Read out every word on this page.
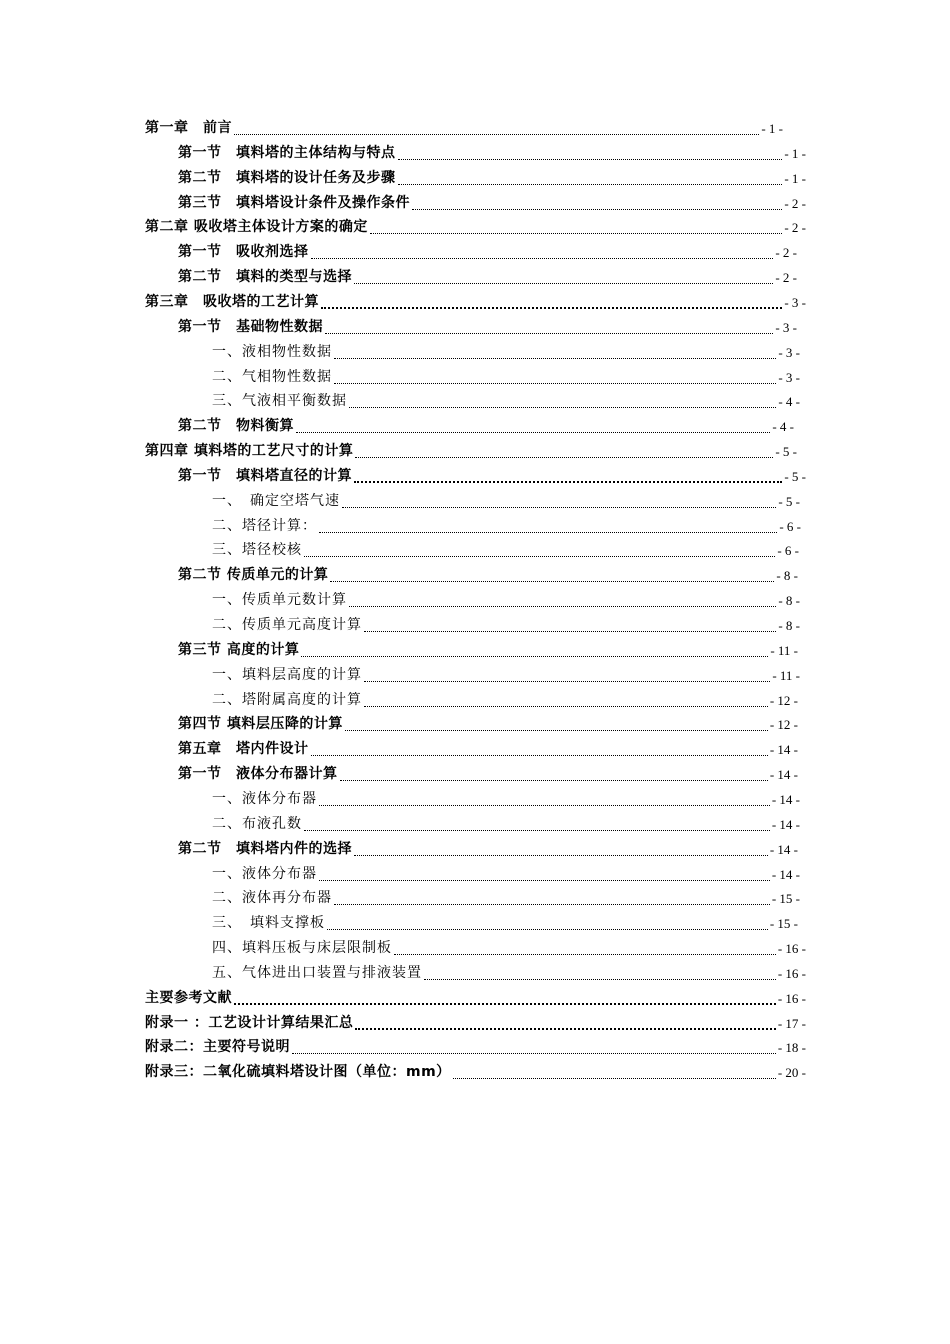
第一章　前言	- 1 -
第一节　填料塔的主体结构与特点	- 1 -
第二节　填料塔的设计任务及步骤	- 1 -
第三节　填料塔设计条件及操作条件	- 2 -
第二章 吸收塔主体设计方案的确定	- 2 -
第一节　吸收剂选择	- 2 -
第二节　填料的类型与选择	- 2 -
第三章　吸收塔的工艺计算	- 3 -
第一节　基础物性数据	- 3 -
一、液相物性数据	- 3 -
二、气相物性数据	- 3 -
三、气液相平衡数据	- 4 -
第二节　物料衡算	- 4 -
第四章 填料塔的工艺尺寸的计算	- 5 -
第一节　填料塔直径的计算	- 5 -
一、　确定空塔气速	- 5 -
二、塔径计算：	- 6 -
三、塔径校核	- 6 -
第二节 传质单元的计算	- 8 -
一、传质单元数计算	- 8 -
二、传质单元高度计算	- 8 -
第三节 高度的计算	- 11 -
一、填料层高度的计算	- 11 -
二、塔附属高度的计算	- 12 -
第四节 填料层压降的计算	- 12 -
第五章　塔内件设计	- 14 -
第一节　液体分布器计算	- 14 -
一、液体分布器	- 14 -
二、布液孔数	- 14 -
第二节　填料塔内件的选择	- 14 -
一、液体分布器	- 14 -
二、液体再分布器	- 15 -
三、　填料支撑板	- 15 -
四、填料压板与床层限制板	- 16 -
五、气体进出口装置与排液装置	- 16 -
主要参考文献	- 16 -
附录一 ：工艺设计计算结果汇总	- 17 -
附录二：主要符号说明	- 18 -
附录三：二氧化硫填料塔设计图（单位：mm）	- 20 -
